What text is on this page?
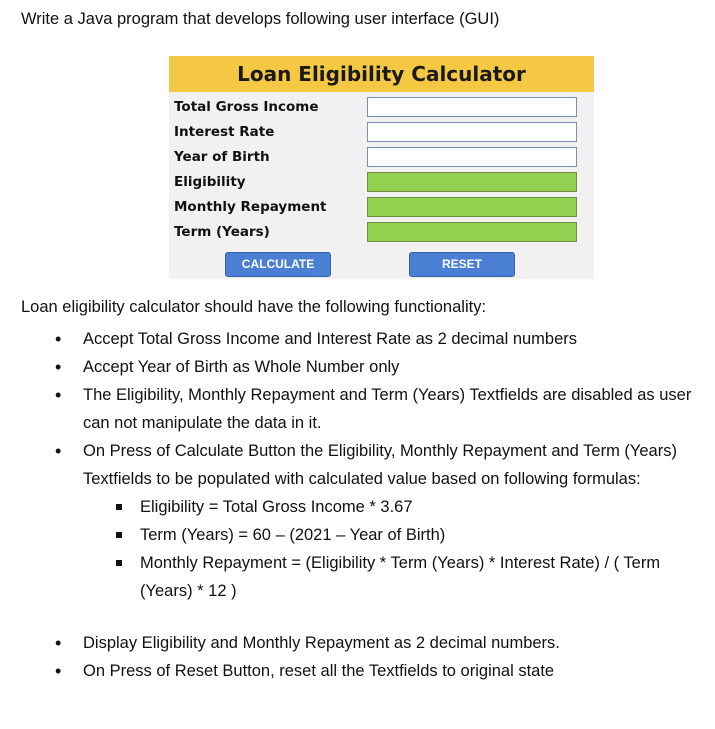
Write a Java program that develops following user interface (GUI)
Loan Eligibility Calculator
Total Gross Income
Interest Rate
Year of Birth
Eligibility
Monthly Repayment
Term (Years)
CALCULATE	RESET
Loan eligibility calculator should have the following functionality:
• Accept Total Gross Income and Interest Rate as 2 decimal numbers
• Accept Year of Birth as Whole Number only
• The Eligibility, Monthly Repayment and Term (Years) Textfields are disabled as user can not manipulate the data in it.
• On Press of Calculate Button the Eligibility, Monthly Repayment and Term (Years) Textfields to be populated with calculated value based on following formulas:
Eligibility = Total Gross Income * 3.67
Term (Years) = 60 – (2021 – Year of Birth)
Monthly Repayment = (Eligibility * Term (Years) * Interest Rate) / ( Term (Years) * 12 )
• Display Eligibility and Monthly Repayment as 2 decimal numbers.
• On Press of Reset Button, reset all the Textfields to original state
